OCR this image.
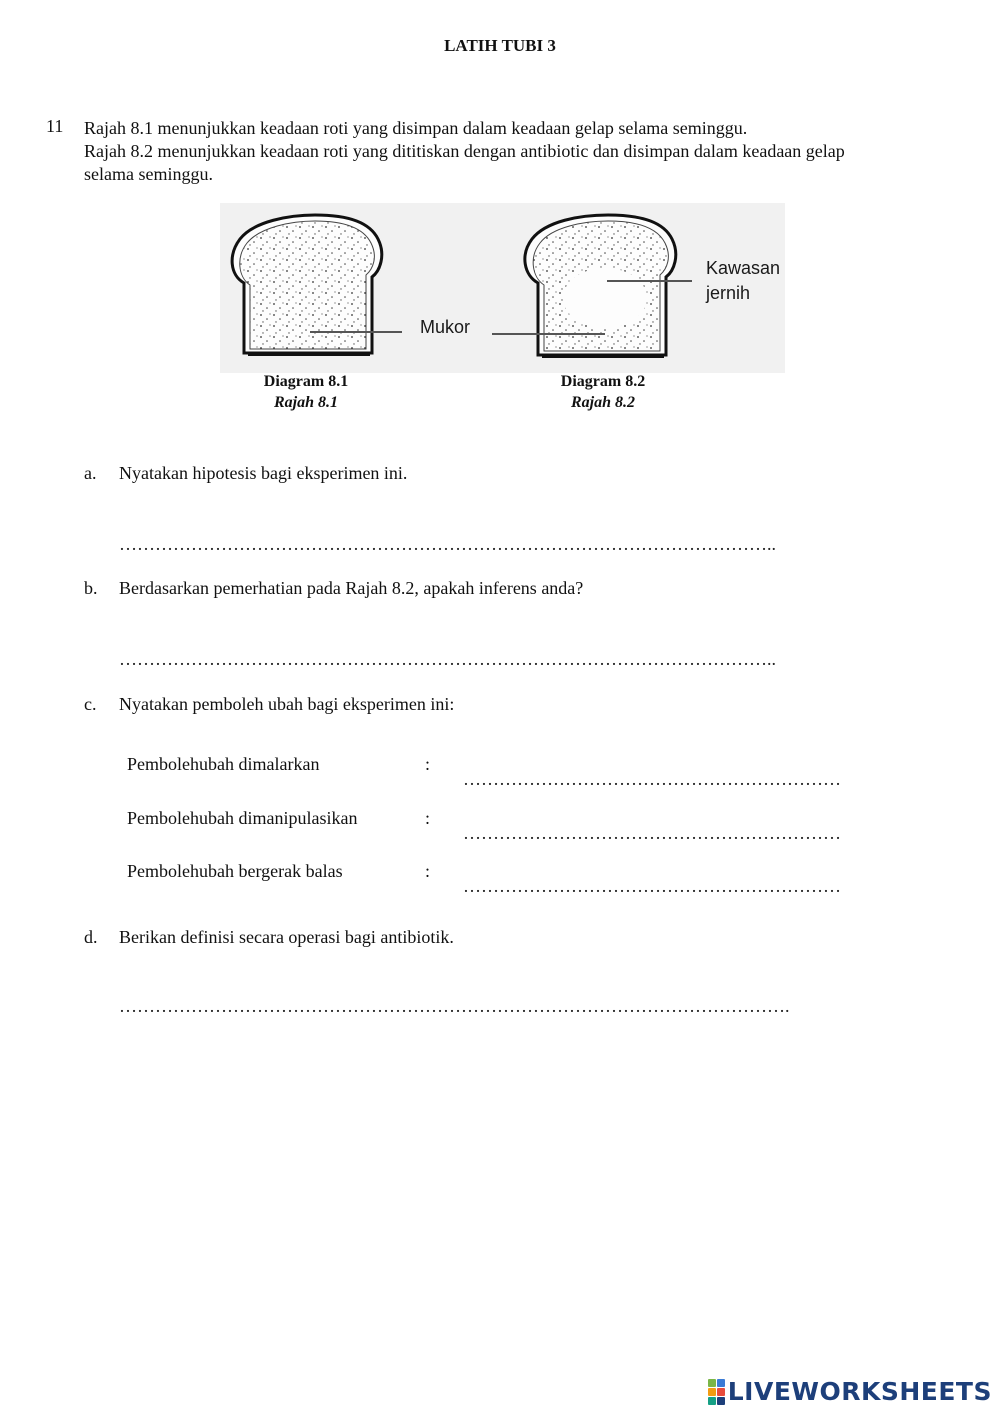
LATIH TUBI 3
11 Rajah 8.1 menunjukkan keadaan roti yang disimpan dalam keadaan gelap selama seminggu.
Rajah 8.2 menunjukkan keadaan roti yang dititiskan dengan antibiotic dan disimpan dalam keadaan gelap
selama seminggu.
Mukor
Kawasan
jernih
Diagram 8.1
Rajah 8.1
Diagram 8.2
Rajah 8.2
a. Nyatakan hipotesis bagi eksperimen ini.
………………………………………………………………………………………………..
b. Berdasarkan pemerhatian pada Rajah 8.2, apakah inferens anda?
………………………………………………………………………………………………..
c. Nyatakan pemboleh ubah bagi eksperimen ini:
Pembolehubah dimalarkan	:
………………………………………………………
Pembolehubah dimanipulasikan	:
………………………………………………………
Pembolehubah bergerak balas	:
………………………………………………………
d. Berikan definisi secara operasi bagi antibiotik.
………………………………………………………………………………………………….
LIVEWORKSHEETS
